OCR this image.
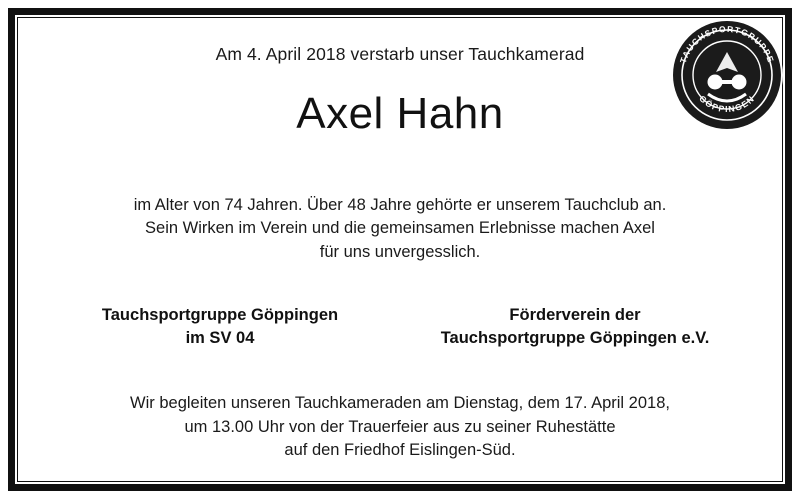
TAUCHSPORTGRUPPE
GÖPPINGEN
Am 4. April 2018 verstarb unser Tauchkamerad
Axel Hahn
im Alter von 74 Jahren. Über 48 Jahre gehörte er unserem Tauchclub an.
Sein Wirken im Verein und die gemeinsamen Erlebnisse machen Axel
für uns unvergesslich.
Tauchsportgruppe Göppingen
im SV 04
Förderverein der
Tauchsportgruppe Göppingen e.V.
Wir begleiten unseren Tauchkameraden am Dienstag, dem 17. April 2018,
um 13.00 Uhr von der Trauerfeier aus zu seiner Ruhestätte
auf den Friedhof Eislingen-Süd.
